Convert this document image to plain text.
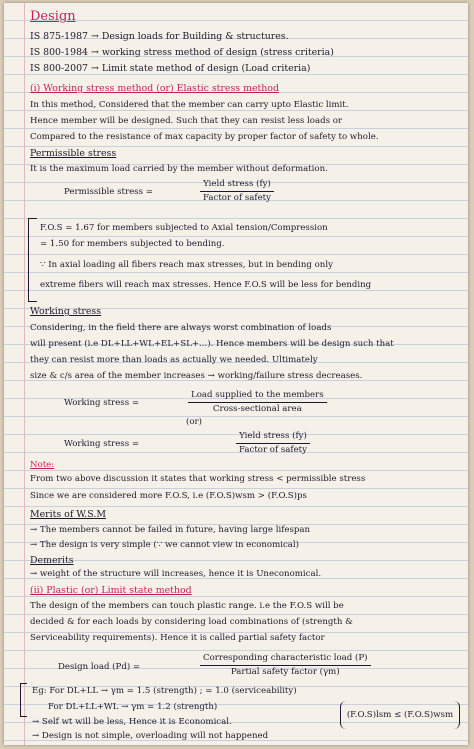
Design
IS 875-1987 → Design loads for Building & structures.
IS 800-1984 → working stress method of design (stress criteria)
IS 800-2007 → Limit state method of design (Load criteria)
(i) Working stress method (or) Elastic stress method
In this method, Considered that the member can carry upto Elastic limit.
Hence member will be designed. Such that they can resist less loads or
Compared to the resistance of max capacity by proper factor of safety to whole.
Permissible stress
It is the maximum load carried by the member without deformation.
Permissible stress =
Yield stress (fy)
Factor of safety
F.O.S = 1.67 for members subjected to Axial tension/Compression
= 1.50 for members subjected to bending.
∵ In axial loading all fibers reach max stresses, but in bending only
extreme fibers will reach max stresses. Hence F.O.S will be less for bending
Working stress
Considering, in the field there are always worst combination of loads
will present (i.e DL+LL+WL+EL+SL+...). Hence members will be design such that
they can resist more than loads as actually we needed. Ultimately
size & c/s area of the member increases → working/failure stress decreases.
Working stress =
Load supplied to the members
Cross-sectional area
(or)
Working stress =
Yield stress (fy)
Factor of safety
Note:
From two above discussion it states that working stress < permissible stress
Since we are considered more F.O.S, i.e (F.O.S)wsm > (F.O.S)ps
Merits of W.S.M
→ The members cannot be failed in future, having large lifespan
→ The design is very simple (∵ we cannot view in economical)
Demerits
→ weight of the structure will increases, hence it is Uneconomical.
(ii) Plastic (or) Limit state method
The design of the members can touch plastic range. i.e the F.O.S will be
decided & for each loads by considering load combinations of (strength &
Serviceability requirements). Hence it is called partial safety factor
Design load (Pd) =
Corresponding characteristic load (P)
Partial safety factor (γm)
Eg: For DL+LL → γm = 1.5 (strength) ; = 1.0 (serviceability)
For DL+LL+WL → γm = 1.2 (strength)
→ Self wt will be less, Hence it is Economical.
→ Design is not simple, overloading will not happened
(F.O.S)lsm ≤ (F.O.S)wsm
